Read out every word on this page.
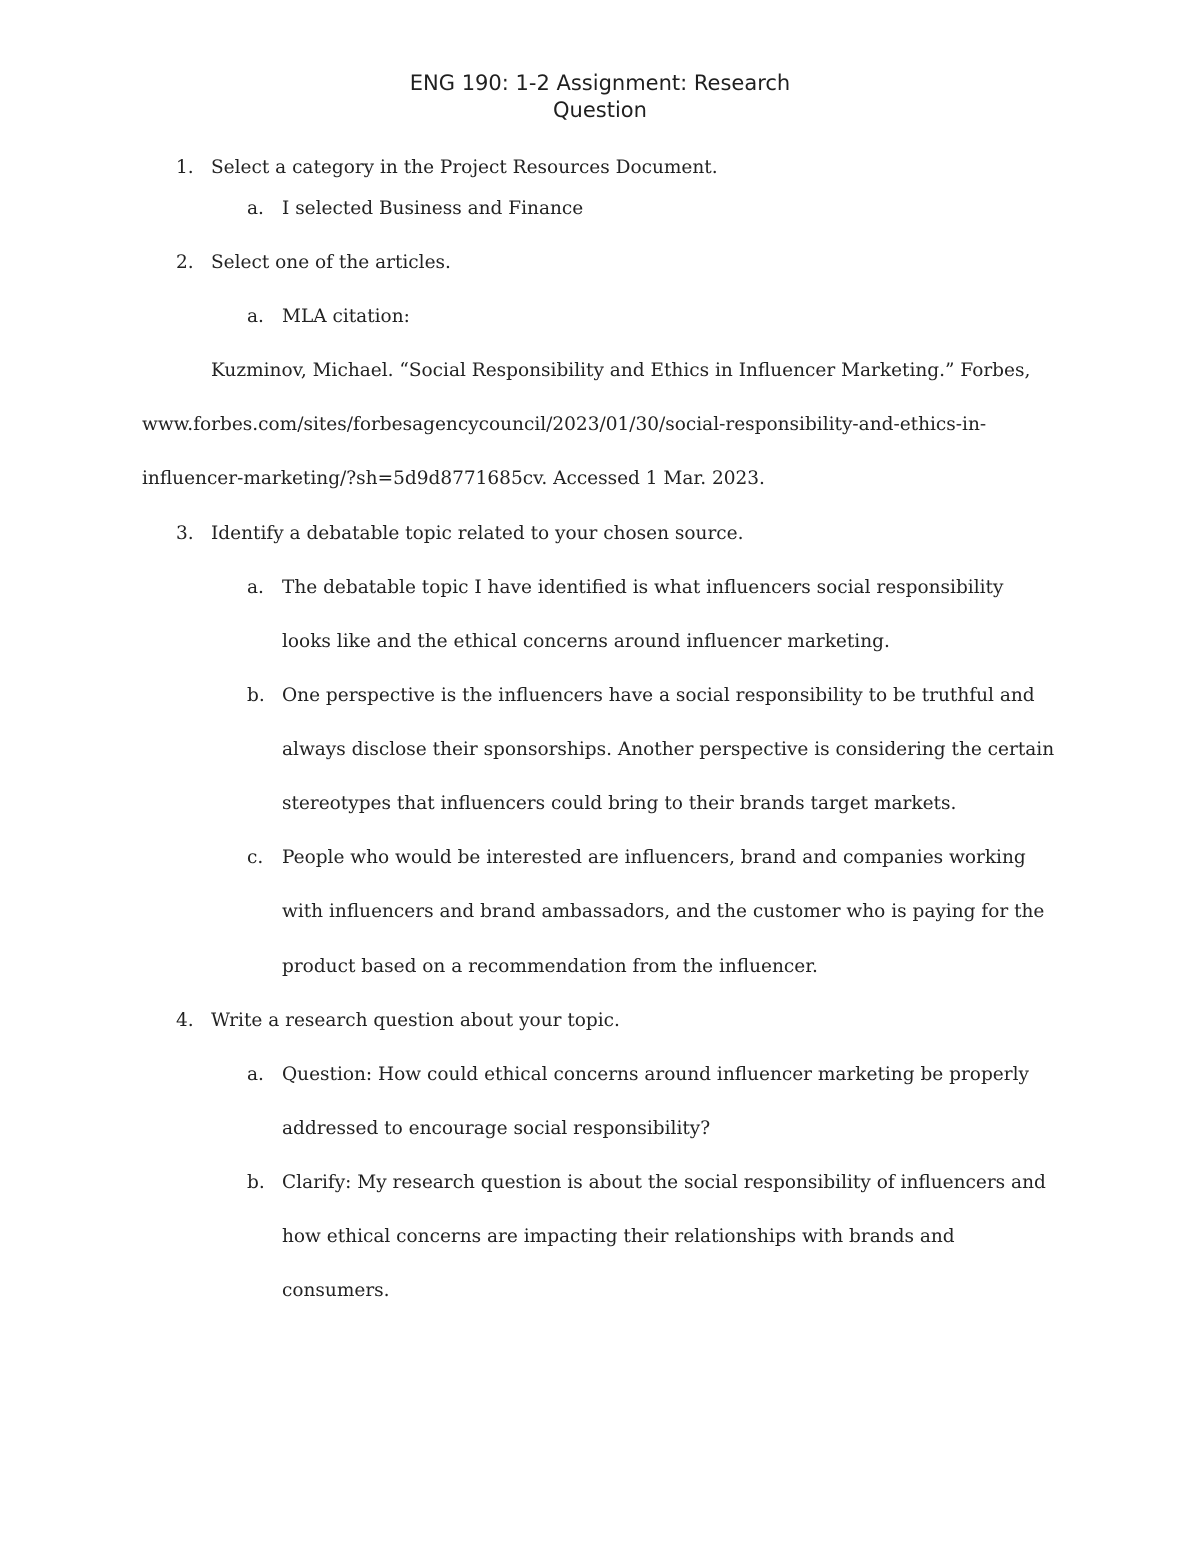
ENG 190: 1-2 Assignment: Research
Question
1. Select a category in the Project Resources Document.
a. I selected Business and Finance
2. Select one of the articles.
a. MLA citation:
Kuzminov, Michael. “Social Responsibility and Ethics in Influencer Marketing.” Forbes,
www.forbes.com/sites/forbesagencycouncil/2023/01/30/social-responsibility-and-ethics-in-
influencer-marketing/?sh=5d9d8771685cv. Accessed 1 Mar. 2023.
3. Identify a debatable topic related to your chosen source.
a. The debatable topic I have identified is what influencers social responsibility
looks like and the ethical concerns around influencer marketing.
b. One perspective is the influencers have a social responsibility to be truthful and
always disclose their sponsorships. Another perspective is considering the certain
stereotypes that influencers could bring to their brands target markets.
c. People who would be interested are influencers, brand and companies working
with influencers and brand ambassadors, and the customer who is paying for the
product based on a recommendation from the influencer.
4. Write a research question about your topic.
a. Question: How could ethical concerns around influencer marketing be properly
addressed to encourage social responsibility?
b. Clarify: My research question is about the social responsibility of influencers and
how ethical concerns are impacting their relationships with brands and
consumers.
